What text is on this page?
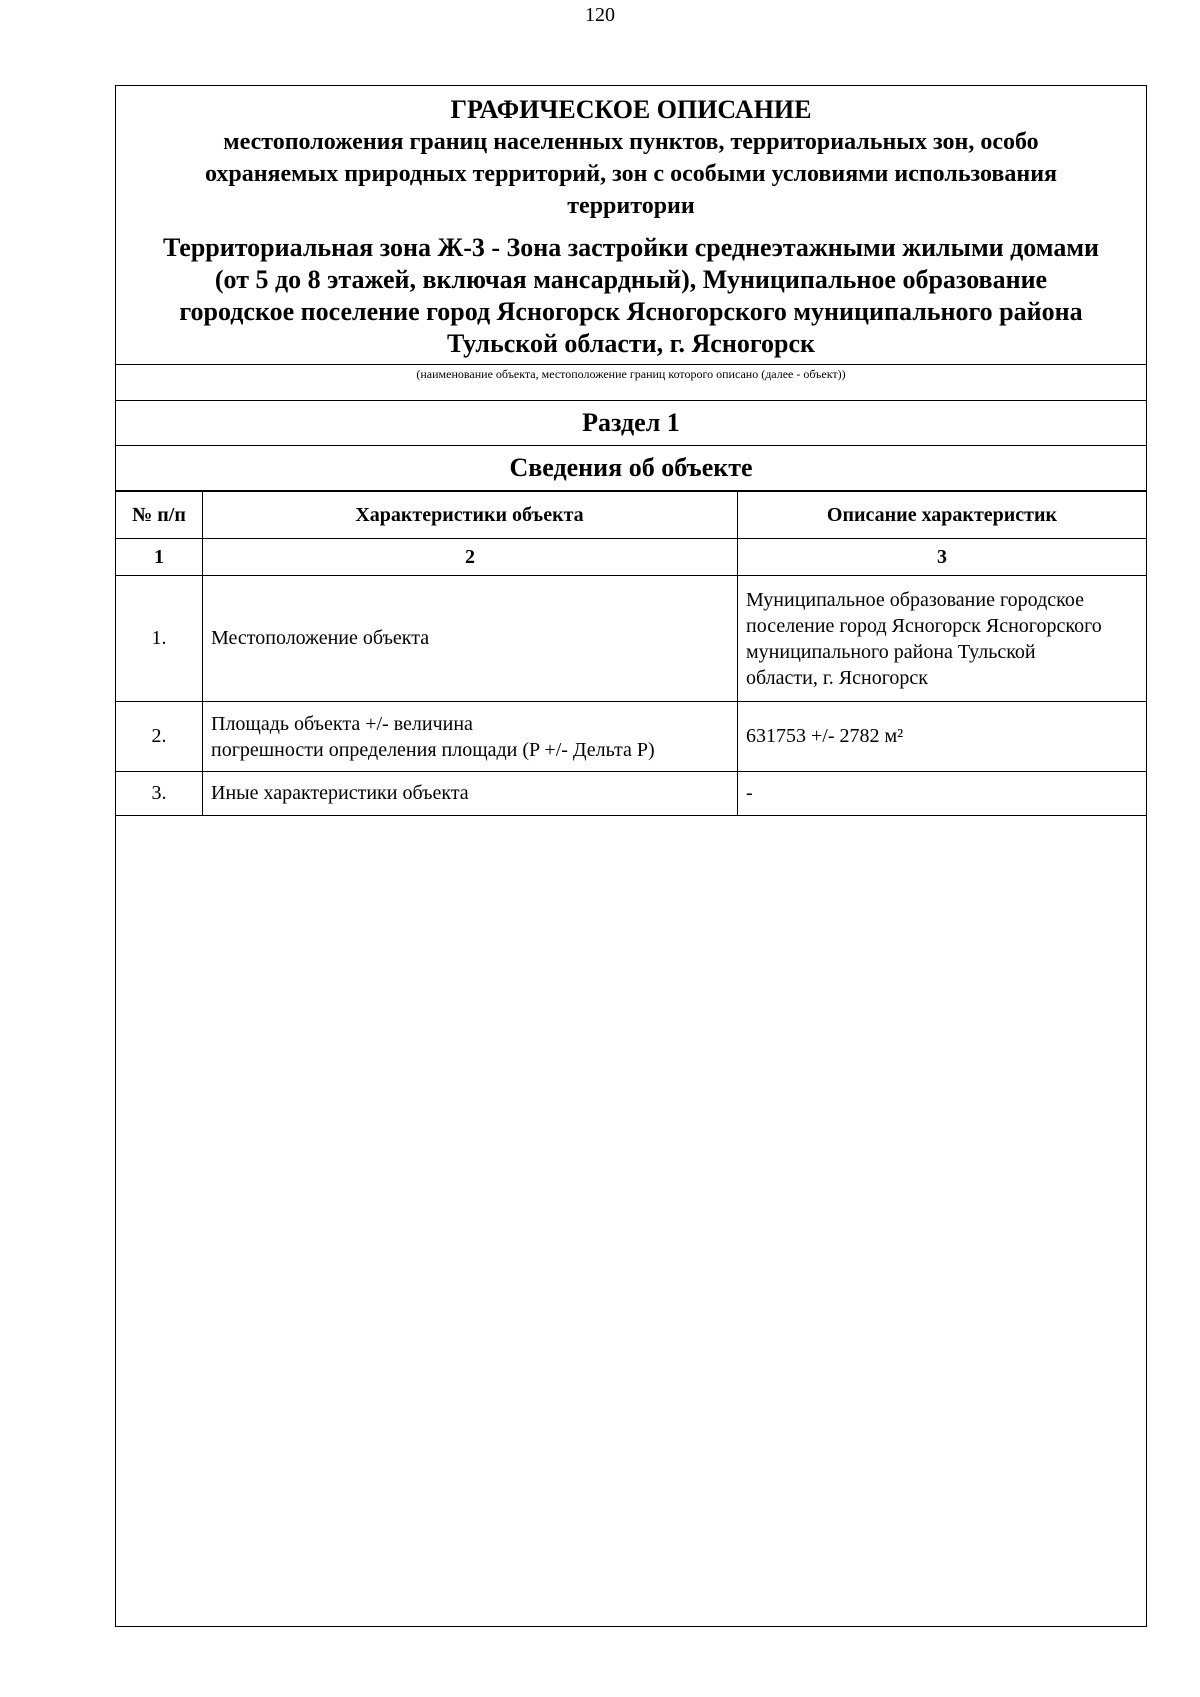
120
ГРАФИЧЕСКОЕ ОПИСАНИЕ
местоположения границ населенных пунктов, территориальных зон, особо
охраняемых природных территорий, зон с особыми условиями использования
территории
Территориальная зона Ж-3 - Зона застройки среднеэтажными жилыми домами
(от 5 до 8 этажей, включая мансардный), Муниципальное образование
городское поселение город Ясногорск Ясногорского муниципального района
Тульской области, г. Ясногорск
(наименование объекта, местоположение границ которого описано (далее - объект))
Раздел 1
Сведения об объекте
№ п/п	Характеристики объекта	Описание характеристик
1	2	3
1.	Местоположение объекта	Муниципальное образование городское
поселение город Ясногорск Ясногорского
муниципального района Тульской
области, г. Ясногорск

2.	Площадь объекта +/- величина
погрешности определения площади (P +/- Дельта P)	631753 +/- 2782 м²
3.	Иные характеристики объекта	-
